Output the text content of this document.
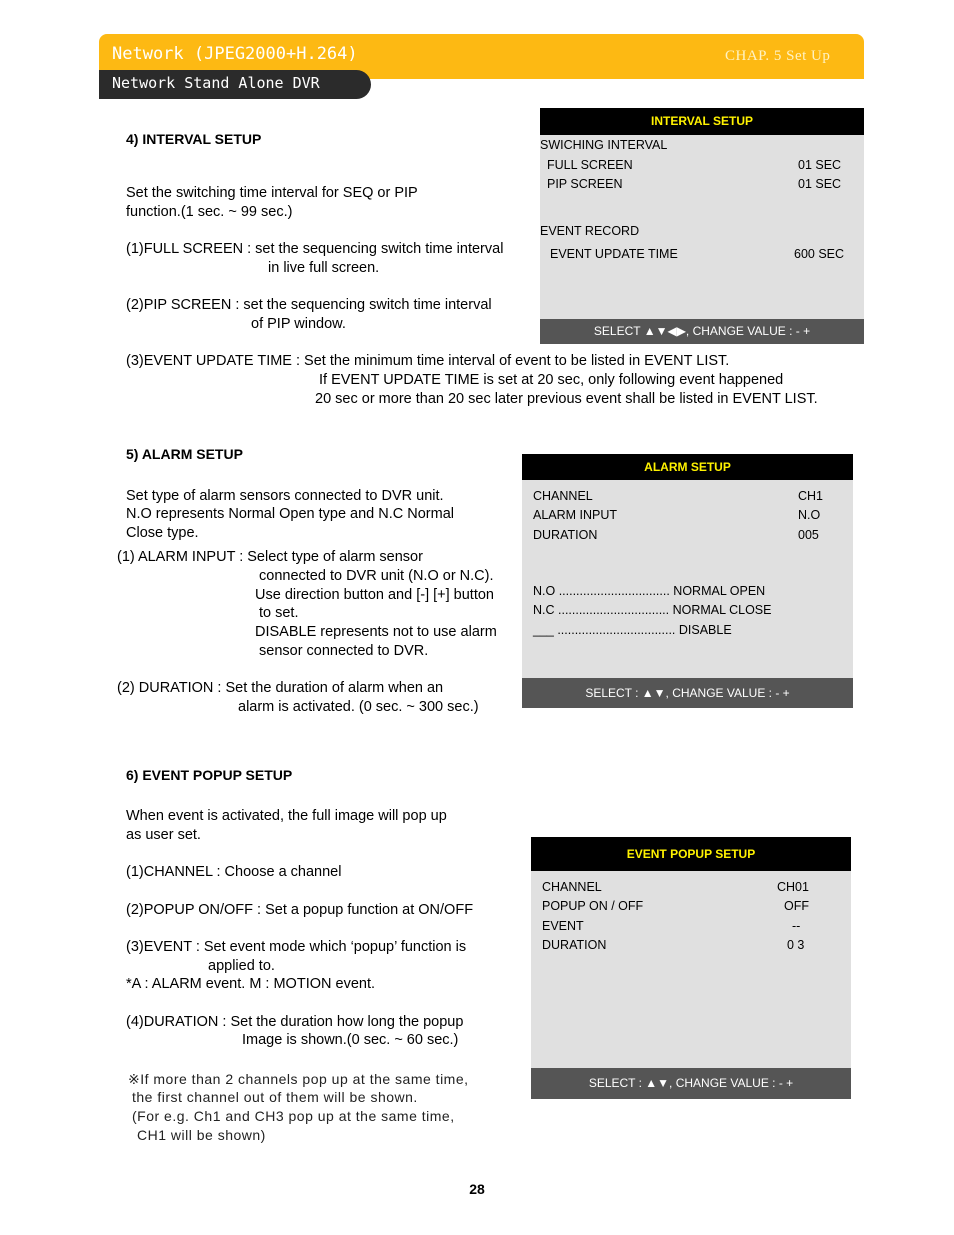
Network (JPEG2000+H.264)	CHAP. 5 Set Up
Network Stand Alone DVR
4) INTERVAL SETUP
Set the switching time interval for SEQ or PIP
function.(1 sec. ~ 99 sec.)
(1)FULL SCREEN : set the sequencing switch time interval
in live full screen.
(2)PIP SCREEN : set the sequencing switch time interval
of PIP window.
(3)EVENT UPDATE TIME : Set the minimum time interval of event to be listed in EVENT LIST.
If EVENT UPDATE TIME is set at 20 sec, only following event happened
20 sec or more than 20 sec later previous event shall be listed in EVENT LIST.
INTERVAL SETUP
SWICHING INTERVAL
FULL SCREEN	01 SEC
PIP SCREEN	01 SEC
EVENT RECORD
EVENT UPDATE TIME	600 SEC
SELECT ▲▼◀▶, CHANGE VALUE : - +
5) ALARM SETUP
Set type of alarm sensors connected to DVR unit.
N.O represents Normal Open type and N.C Normal
Close type.
(1) ALARM INPUT : Select type of alarm sensor
connected to DVR unit (N.O or N.C).
Use direction button and [-] [+] button
to set.
DISABLE represents not to use alarm
sensor connected to DVR.
(2) DURATION : Set the duration of alarm when an
alarm is activated. (0 sec. ~ 300 sec.)
ALARM SETUP
CHANNEL	CH1
ALARM INPUT	N.O
DURATION	005
N.O ................................ NORMAL OPEN
N.C ................................ NORMAL CLOSE
___ .................................. DISABLE
SELECT : ▲▼, CHANGE VALUE : - +
6) EVENT POPUP SETUP
When event is activated, the full image will pop up
as user set.
(1)CHANNEL : Choose a channel
(2)POPUP ON/OFF : Set a popup function at ON/OFF
(3)EVENT : Set event mode which ‘popup’ function is
applied to.
*A : ALARM event. M : MOTION event.
(4)DURATION : Set the duration how long the popup
Image is shown.(0 sec. ~ 60 sec.)
※If more than 2 channels pop up at the same time,
the first channel out of them will be shown.
(For e.g. Ch1 and CH3 pop up at the same time,
CH1 will be shown)
EVENT POPUP SETUP
CHANNEL	CH01
POPUP ON / OFF	OFF
EVENT	--
DURATION	0 3
SELECT : ▲▼, CHANGE VALUE : - +
28
